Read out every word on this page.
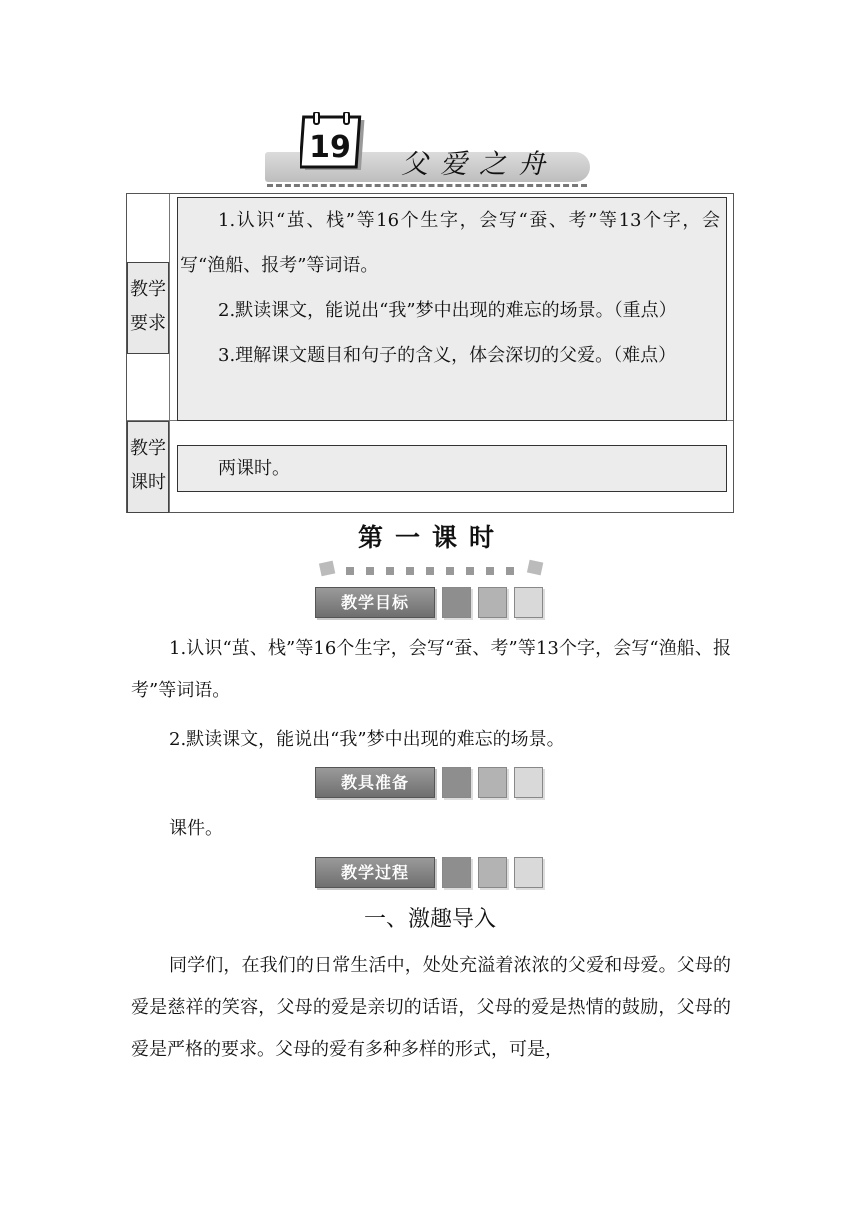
19 父爱之舟
教学
要求

1.认识“茧、栈”等16个生字，会写“蚕、考”等13个字，会写“渔船、报考”等词语。

2.默读课文，能说出“我”梦中出现的难忘的场景。（重点）

3.理解课文题目和句子的含义，体会深切的父爱。（难点）

教学
课时

两课时。

第一课时
教学目标

1.认识“茧、栈”等16个生字，会写“蚕、考”等13个字，会写“渔船、报考”等词语。

2.默读课文，能说出“我”梦中出现的难忘的场景。

教具准备

课件。

教学过程

一、激趣导入

同学们，在我们的日常生活中，处处充溢着浓浓的父爱和母爱。父母的爱是慈祥的笑容，父母的爱是亲切的话语，父母的爱是热情的鼓励，父母的爱是严格的要求。父母的爱有多种多样的形式，可是，
